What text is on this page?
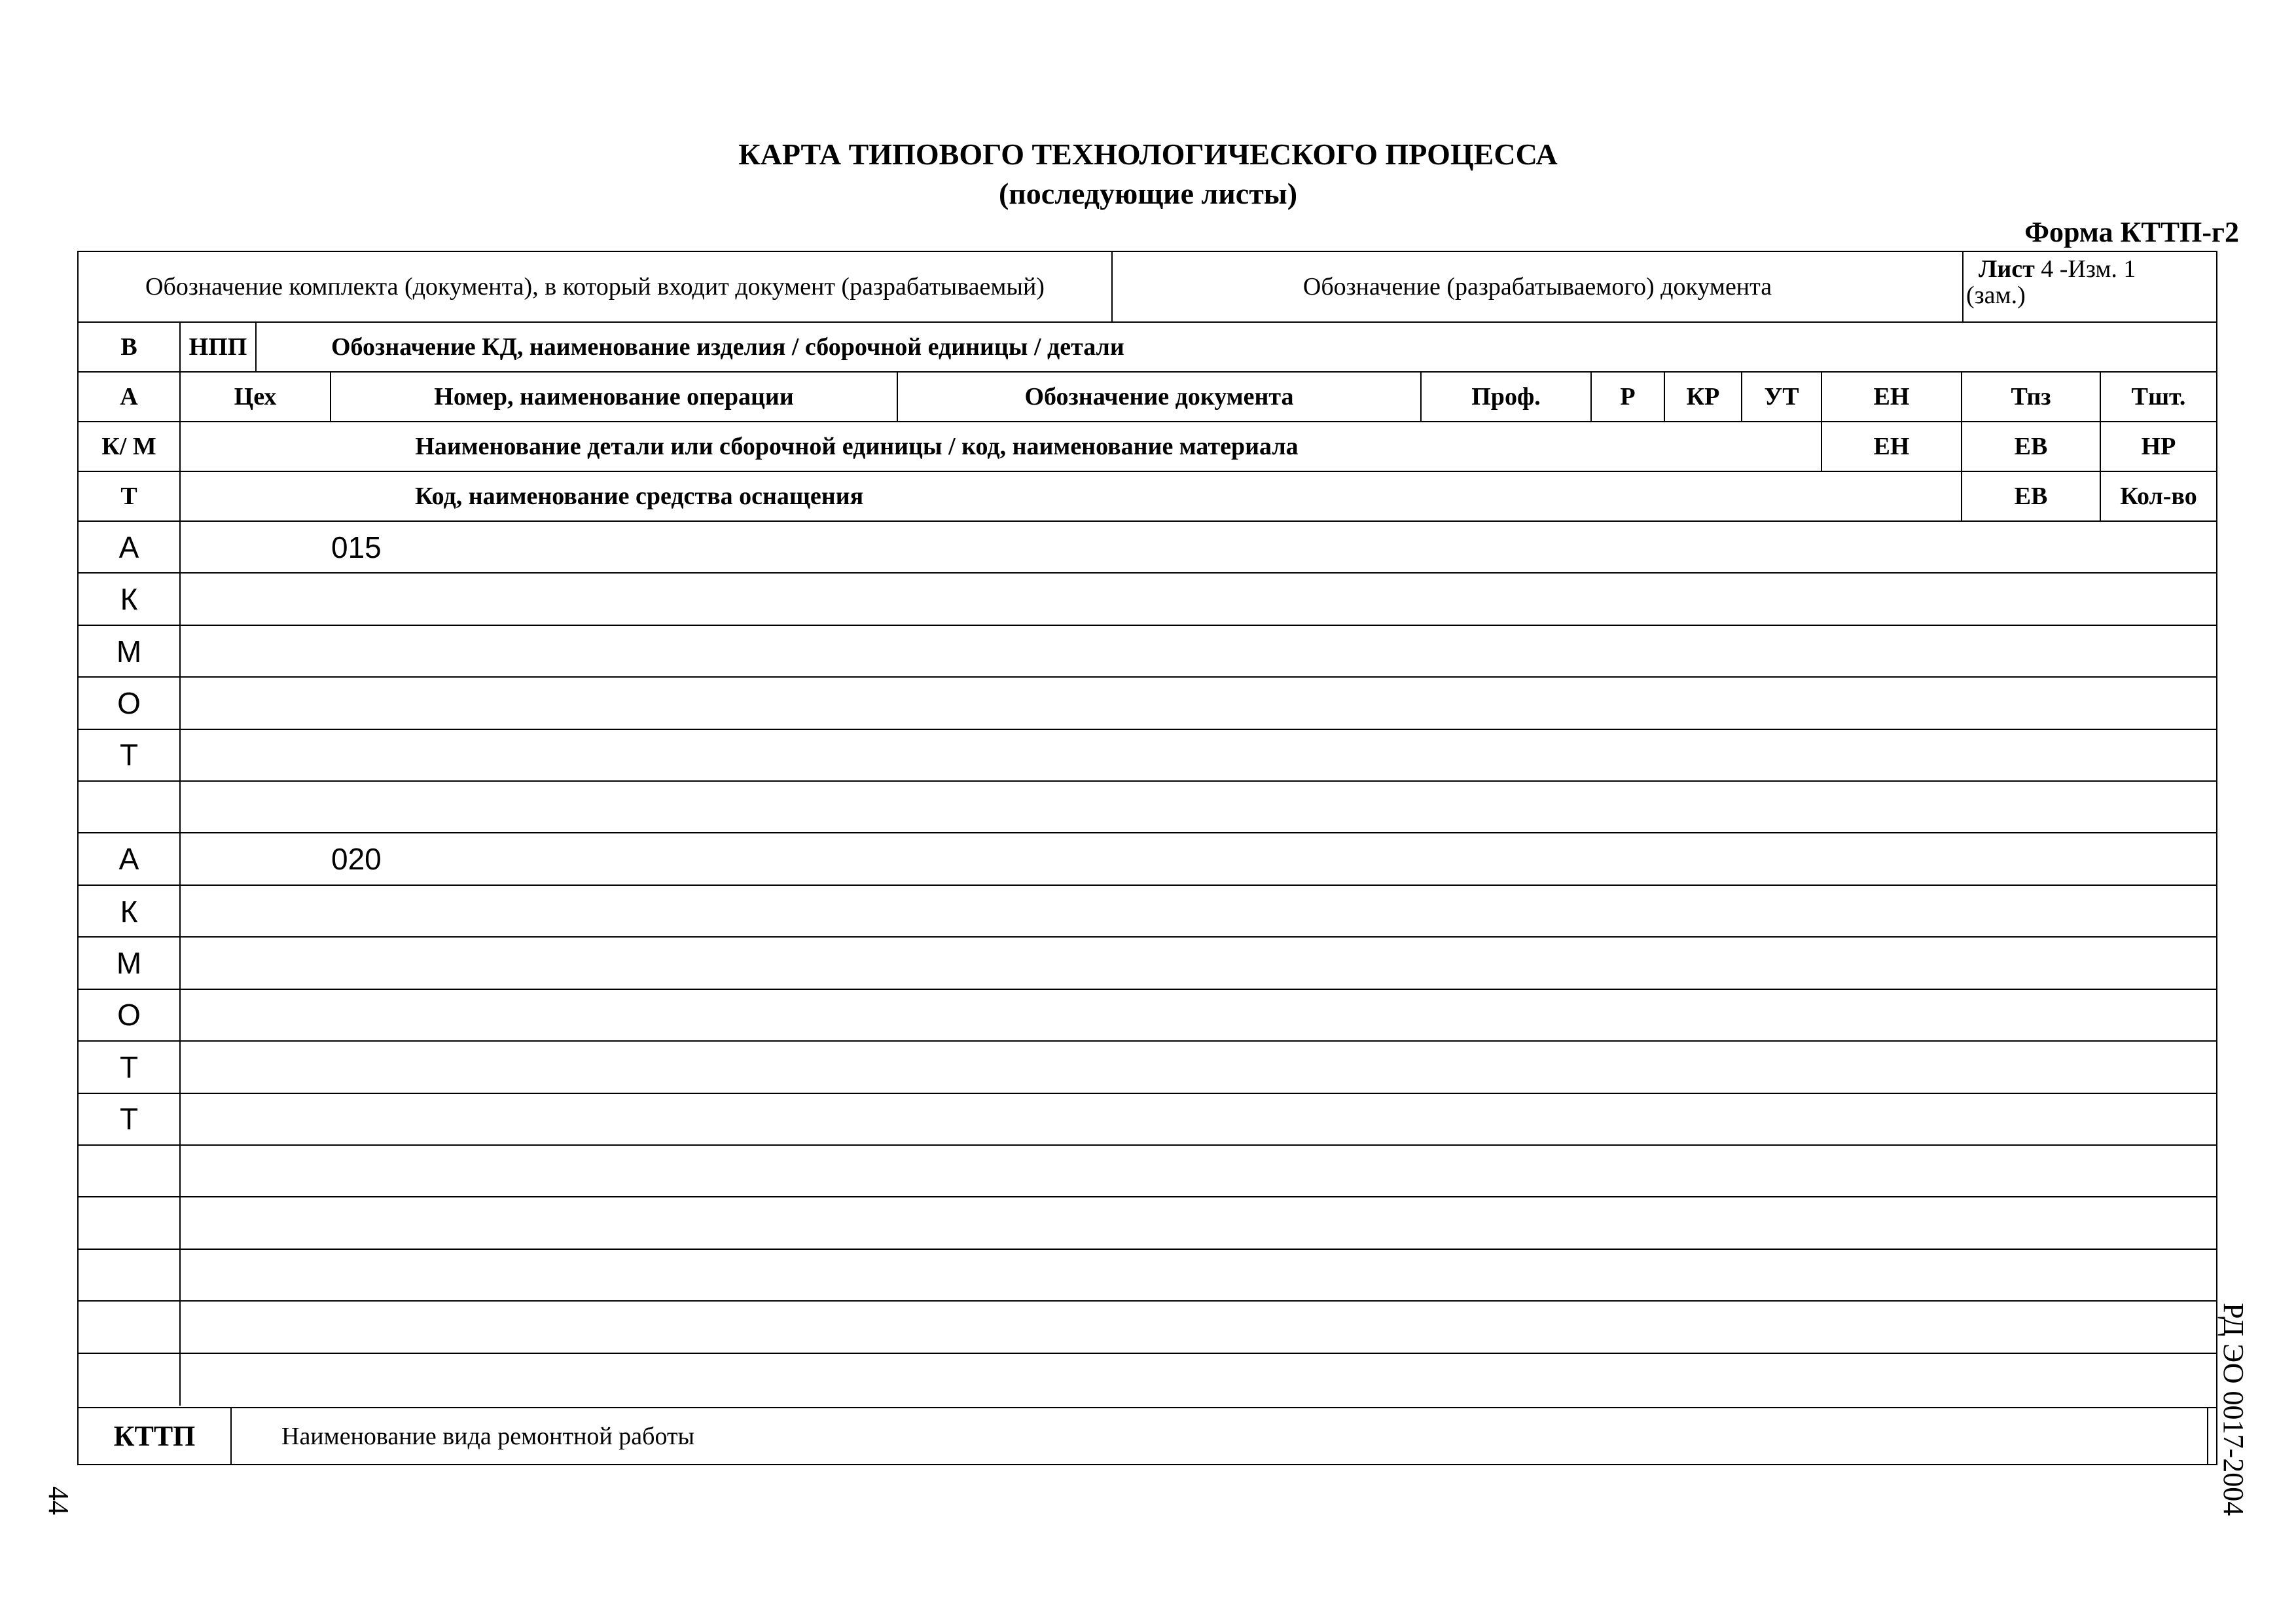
КАРТА ТИПОВОГО ТЕХНОЛОГИЧЕСКОГО ПРОЦЕССА
(последующие листы)
Форма КТТП-г2
Обозначение комплекта (документа), в который входит документ (разрабатываемый)	Обозначение (разрабатываемого) документа
Лист 4 -Изм. 1
(зам.)
В	НПП	Обозначение КД, наименование изделия / сборочной единицы / детали
А	Цех	Номер, наименование операции	Обозначение документа	Проф.	Р	КР	УТ	ЕН	Тпз	Тшт.
К/ М	Наименование детали или сборочной единицы / код, наименование материала	ЕН	ЕВ	НР
Т	Код, наименование средства оснащения	ЕВ	Кол-во
А	015
К
М
О
Т
А	020
К
М
О
Т
Т
КТТП	Наименование вида ремонтной работы	РД ЭО 0017-2004
44
